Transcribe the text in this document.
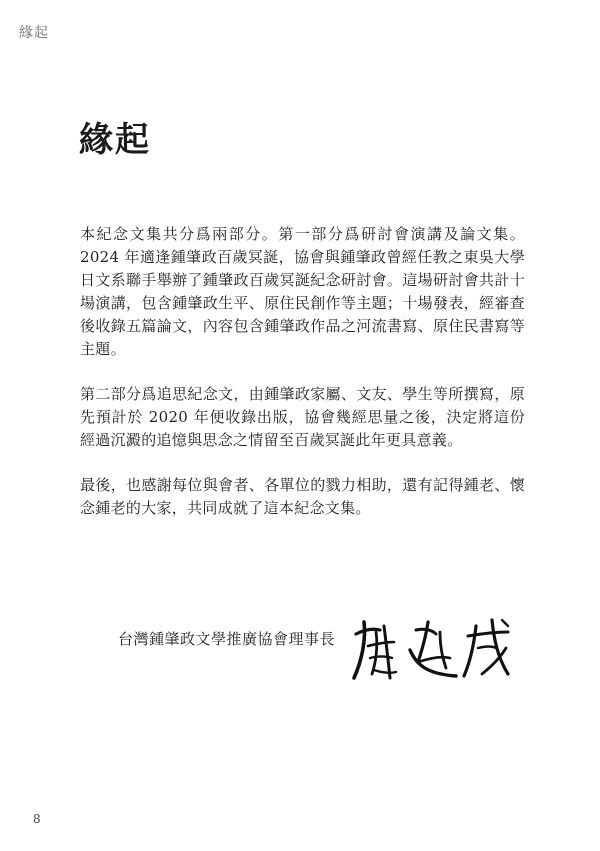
緣起
緣起

本紀念文集共分爲兩部分。第一部分爲研討會演講及論文集。2024 年適逢鍾肇政百歲冥誕，協會與鍾肇政曾經任教之東吳大學日文系聯手舉辦了鍾肇政百歲冥誕紀念研討會。這場研討會共計十場演講，包含鍾肇政生平、原住民創作等主題；十場發表，經審查後收錄五篇論文，內容包含鍾肇政作品之河流書寫、原住民書寫等主題。

第二部分爲追思紀念文，由鍾肇政家屬、文友、學生等所撰寫，原先預計於 2020 年便收錄出版，協會幾經思量之後，決定將這份經過沉澱的追憶與思念之情留至百歲冥誕此年更具意義。

最後，也感謝每位與會者、各單位的戮力相助，還有記得鍾老、懷念鍾老的大家，共同成就了這本紀念文集。

台灣鍾肇政文學推廣協會理事長
8
